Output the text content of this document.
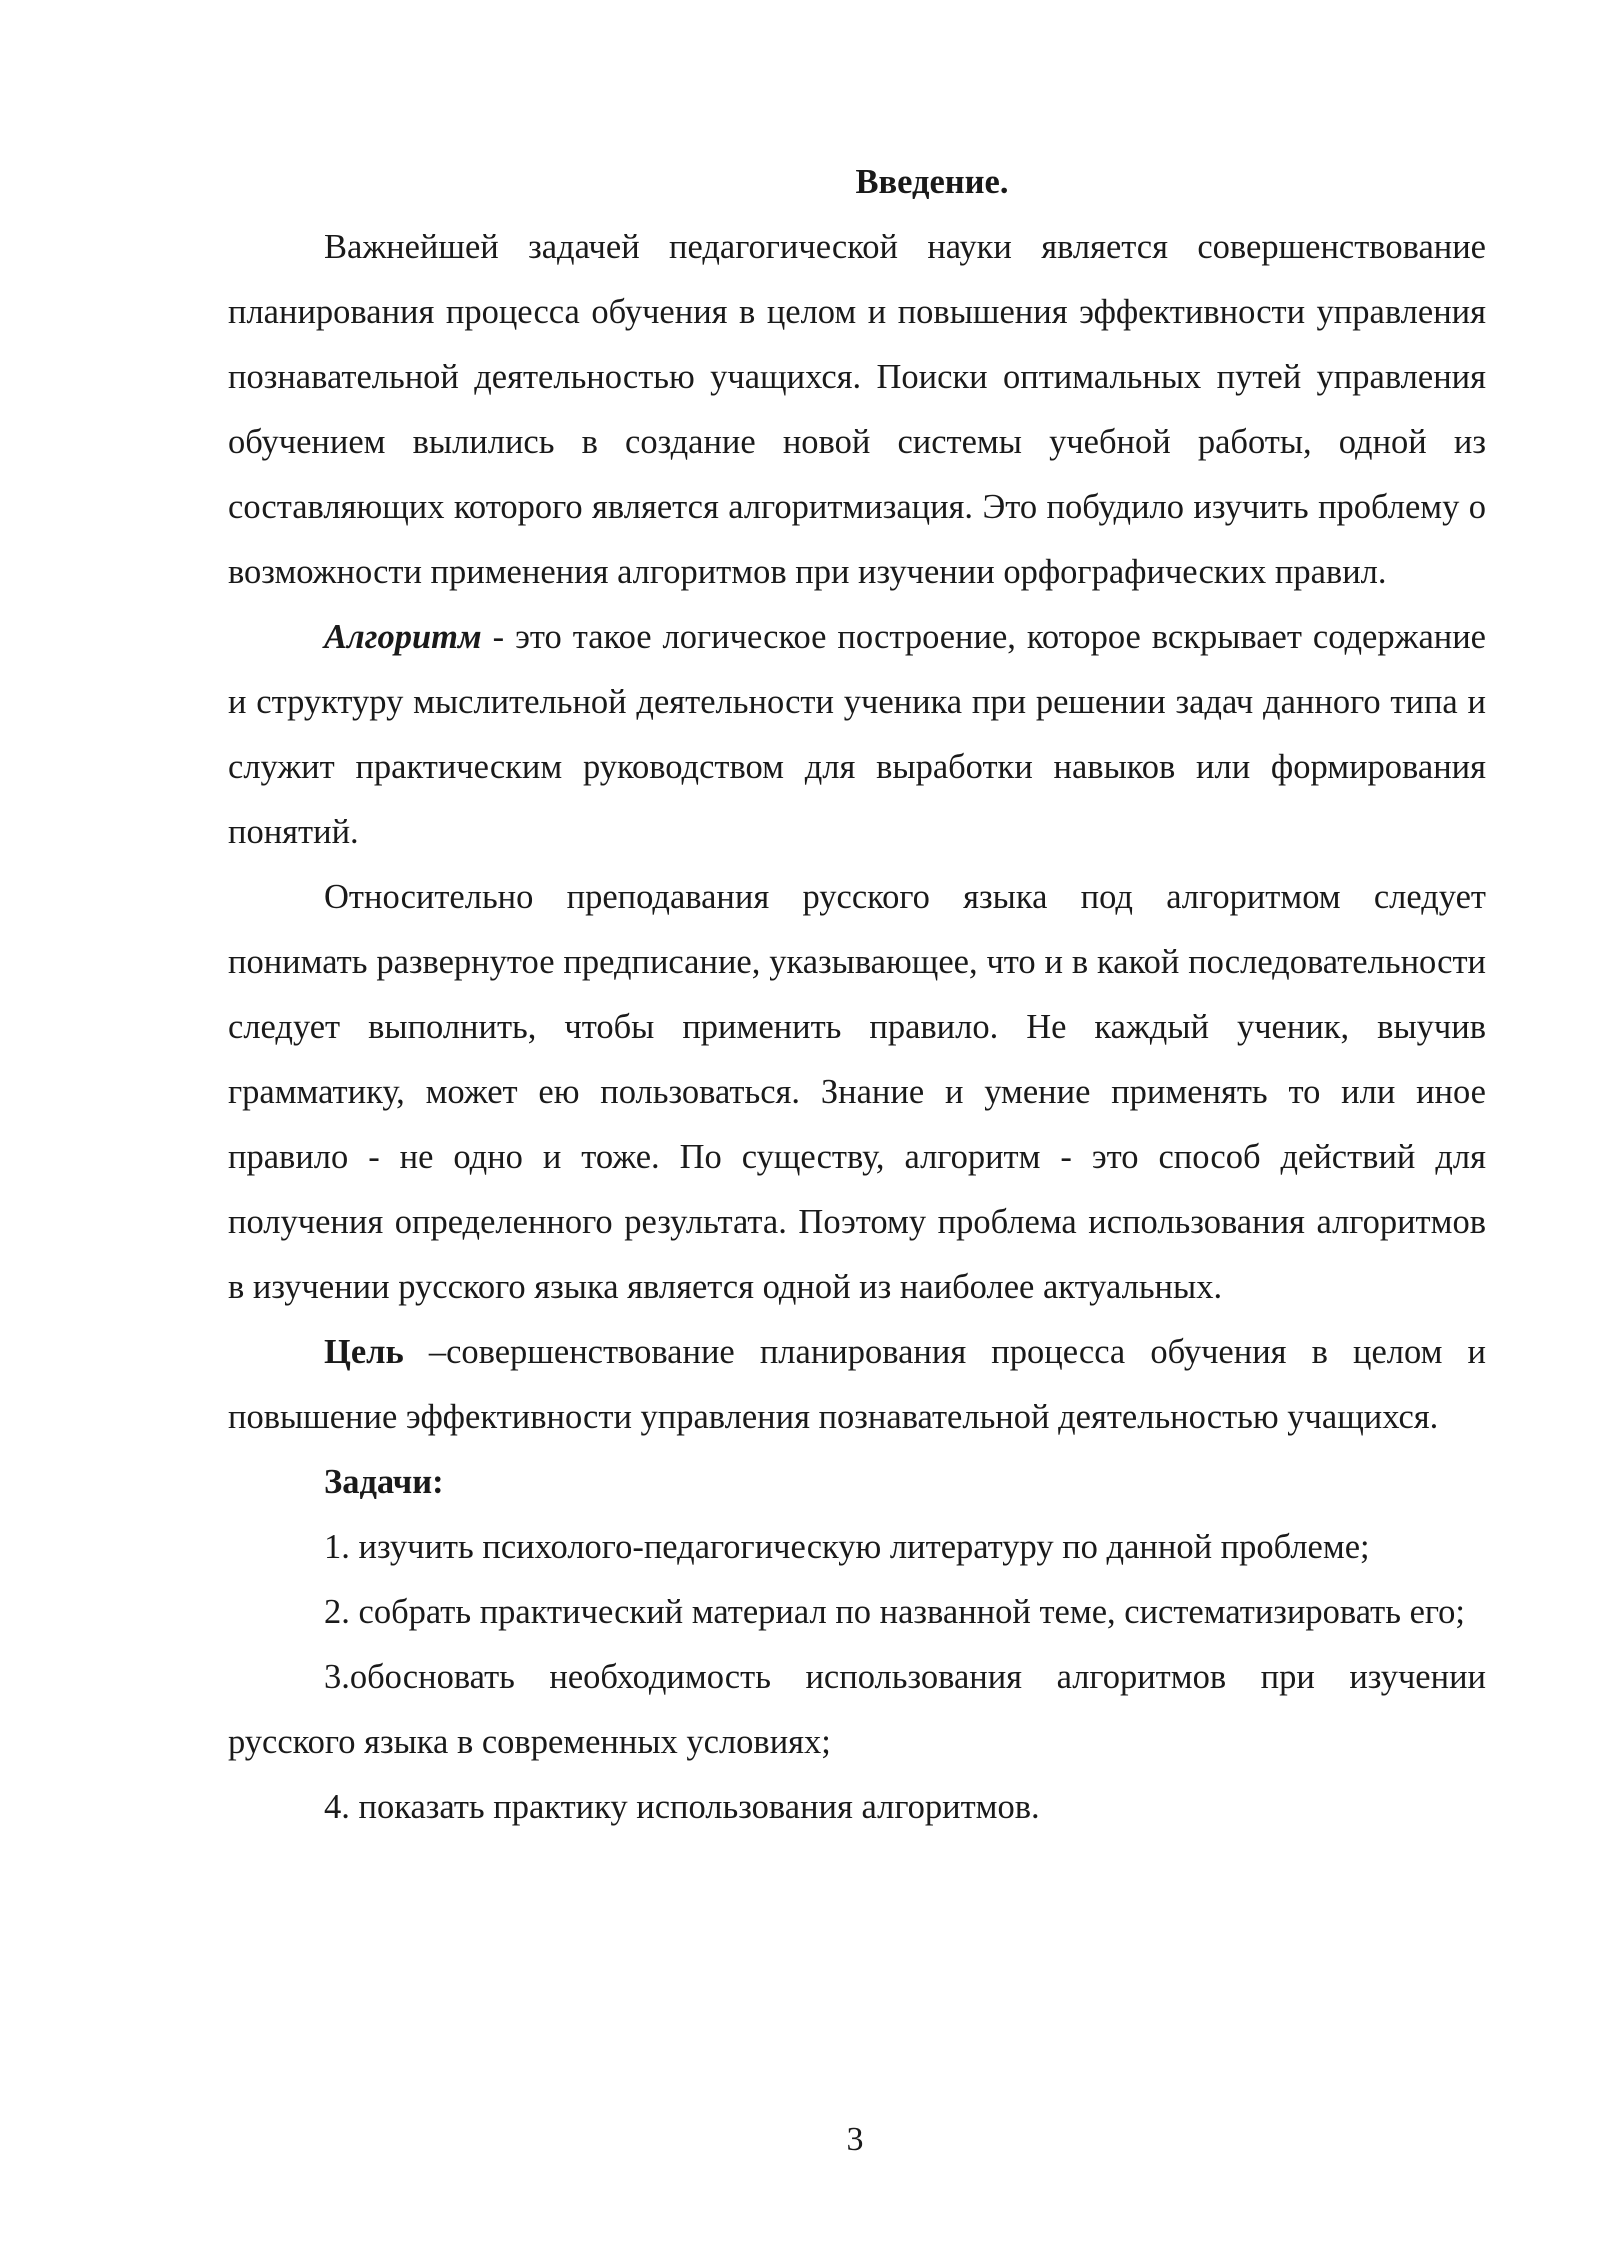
Введение.

Важнейшей задачей педагогической науки является совершенствование планирования процесса обучения в целом и повышения эффективности управления познавательной деятельностью учащихся. Поиски оптимальных путей управления обучением вылились в создание новой системы учебной работы, одной из составляющих которого является алгоритмизация. Это побудило изучить проблему о возможности применения алгоритмов при изучении орфографических правил.

Алгоритм - это такое логическое построение, которое вскрывает содержание и структуру мыслительной деятельности ученика при решении задач данного типа и служит практическим руководством для выработки навыков или формирования понятий.

Относительно преподавания русского языка под алгоритмом следует понимать развернутое предписание, указывающее, что и в какой последовательности следует выполнить, чтобы применить правило. Не каждый ученик, выучив грамматику, может ею пользоваться. Знание и умение применять то или иное правило - не одно и тоже. По существу, алгоритм - это способ действий для получения определенного результата. Поэтому проблема использования алгоритмов в изучении русского языка является одной из наиболее актуальных.

Цель –совершенствование планирования процесса обучения в целом и повышение эффективности управления познавательной деятельностью учащихся.

Задачи:

1. изучить психолого-педагогическую литературу по данной проблеме;

2. собрать практический материал по названной теме, систематизировать его;

3.обосновать необходимость использования алгоритмов при изучении русского языка в современных условиях;

4. показать практику использования алгоритмов.

3
